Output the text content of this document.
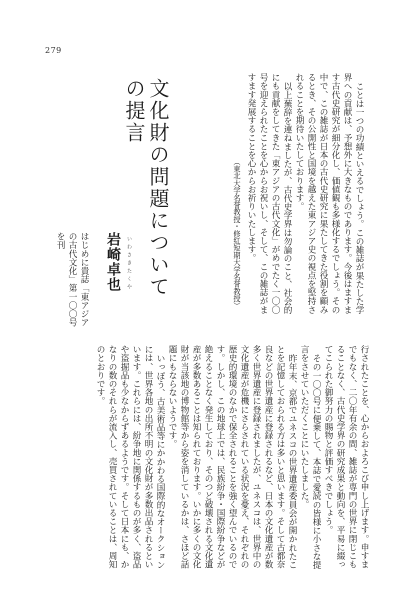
279

ことは一つの功績といえるでしょう。この雑誌が果たした学界への貢献は、予想外に大きなものであります。今後はますます古代史研究が細分化し、価値観も多様化するでしょう。その中で、この雑誌が日本の古代史研究に果たしてきた役割を顧みるとき、その公開性と国境を越えた東アジア史の視点を堅持されることを期待いたしております。

以上蕪辞を連ねましたが、古代史学界は勿論のこと、社会的にも貢献をしてきた「東アジアの古代文化」がめでたく一〇〇号を迎えられたことを心からお祝いし、そして、この雑誌がますます発展することを心からお祈りいたします。

（東北大学名誉教授・修紅短期大学名誉教授）

文化財の問題についての提言
いわさきたくや
岩崎卓也
はじめに貴誌「東アジアの古代文化」第一〇〇号を刊

行されたことを、心からおよろこび申し上げます。申すまでもなく、二〇年有余の間、雑誌が専門の世界に閉じこもることなく、古代史学界の研究成果と動向を、平易に綴ってこられた御努力の賜物と評価すべきでしょう。

その一〇〇号に便乗して、本誌で愛読の皆様に小さな提言をさせていただくことにいたしました。

昨年末、京都でユネスコの世界遺産委員会が開かれたことを記憶しておられる方は多いと思います。そして古都奈良などの世界遺産に登録されるなど、日本の文化遺産が数多く世界遺産に登録されましたが、ユネスコは、世界中の文化遺産が危機にさらされている状況を憂え、それぞれの歴史的環境のなかで保全されることを強く望んでいるのです。しかし、この地球上では、民族紛争・国際紛争などが絶えることなく発生しており、そのつど破壊される文化遺産が多数あることは知られております。いかに多くの文化財が当該地の博物館等から姿を消しているかは、さほど話題にもならないようです。

いっぽう、古美術品等にかかわる国際的なオークションには、世界各地の出所不明の文化財が多数出品されるといいます。これらには、紛争地に関係するものが多く、盗品や盗掘品も少なからずあるようです。そして日本にも、かなりの数のそれらが流入し、売買されていることは、周知のとおりです。
